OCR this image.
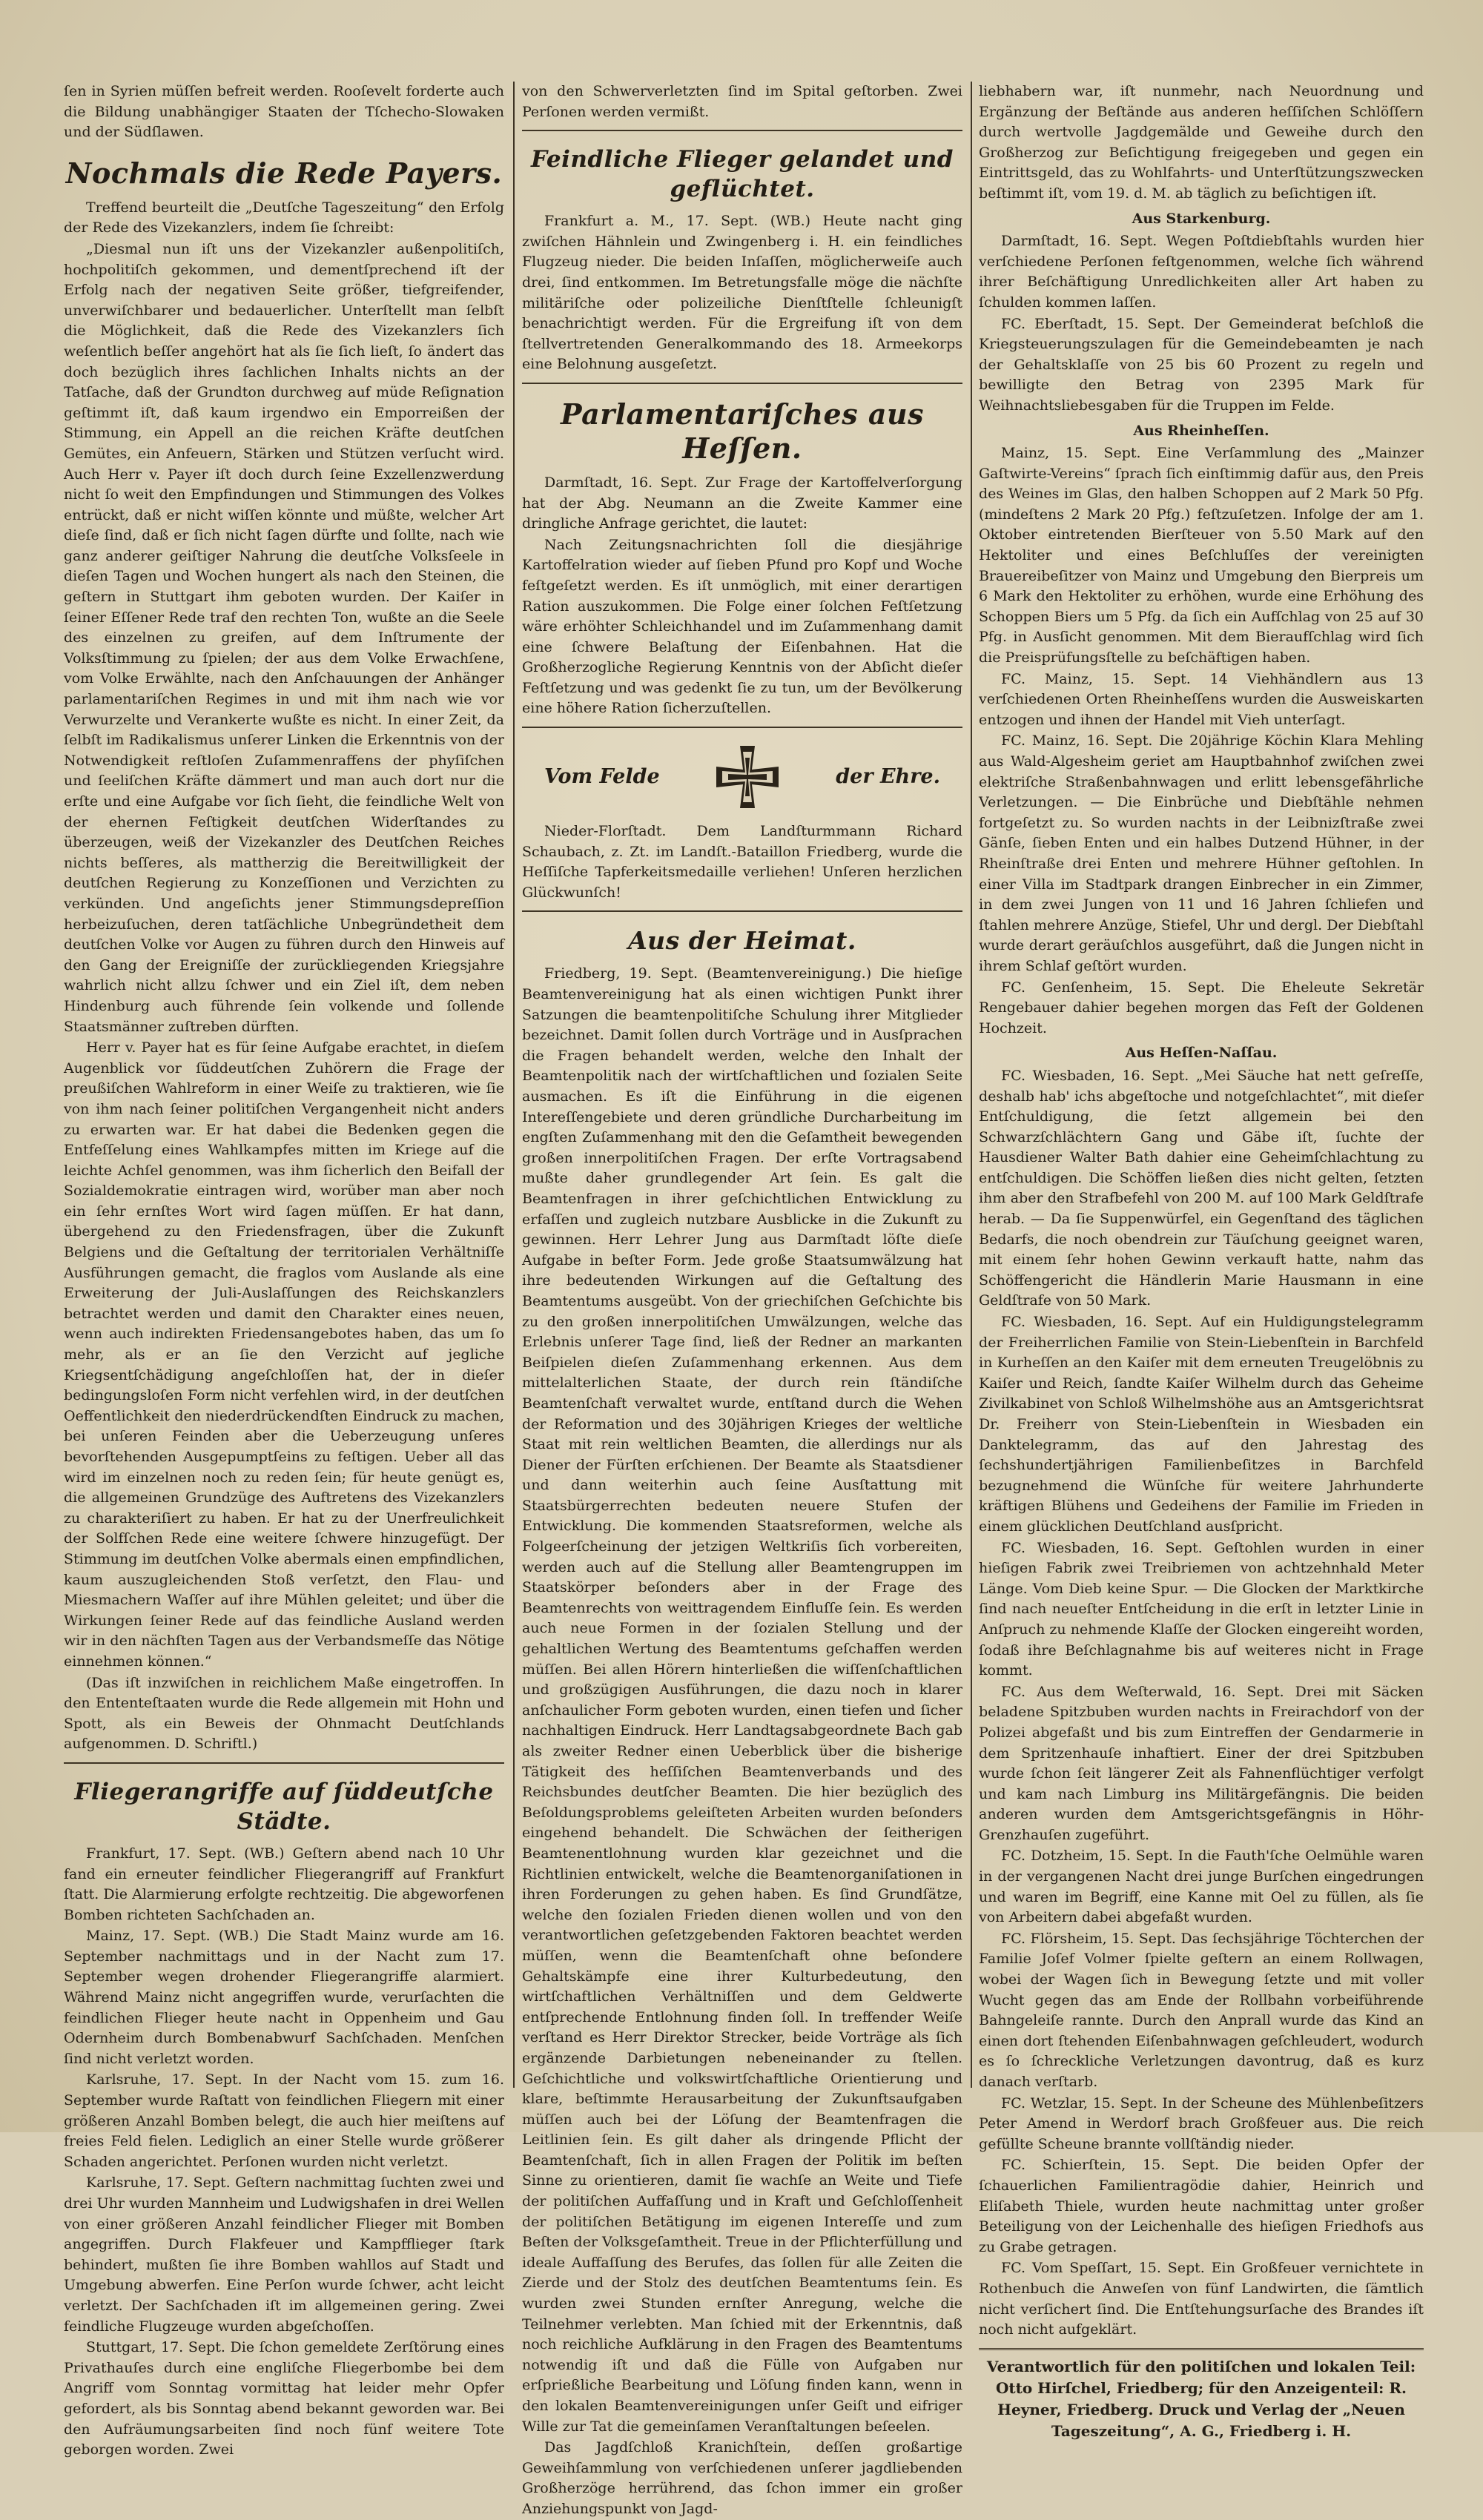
ſen in Syrien müſſen befreit werden. Rooſevelt forderte auch die Bildung unabhängiger Staaten der Tſchecho-Slowaken und der Südſlawen.

Nochmals die Rede Payers.

Treffend beurteilt die „Deutſche Tageszeitung“ den Erfolg der Rede des Vizekanzlers, indem ſie ſchreibt:

„Diesmal nun iſt uns der Vizekanzler außenpolitiſch, hochpolitiſch gekommen, und dementſprechend iſt der Erfolg nach der negativen Seite größer, tiefgreifender, unverwiſchbarer und bedauerlicher. Unterſtellt man ſelbſt die Möglichkeit, daß die Rede des Vizekanzlers ſich weſentlich beſſer angehört hat als ſie ſich lieſt, ſo ändert das doch bezüglich ihres ſachlichen Inhalts nichts an der Tatſache, daß der Grundton durchweg auf müde Reſignation geſtimmt iſt, daß kaum irgendwo ein Emporreißen der Stimmung, ein Appell an die reichen Kräfte deutſchen Gemütes, ein Anfeuern, Stärken und Stützen verſucht wird. Auch Herr v. Payer iſt doch durch ſeine Exzellenzwerdung nicht ſo weit den Empfindungen und Stimmungen des Volkes entrückt, daß er nicht wiſſen könnte und müßte, welcher Art dieſe ſind, daß er ſich nicht ſagen dürfte und ſollte, nach wie ganz anderer geiſtiger Nahrung die deutſche Volksſeele in dieſen Tagen und Wochen hungert als nach den Steinen, die geſtern in Stuttgart ihm geboten wurden. Der Kaiſer in ſeiner Eſſener Rede traf den rechten Ton, wußte an die Seele des einzelnen zu greifen, auf dem Inſtrumente der Volksſtimmung zu ſpielen; der aus dem Volke Erwachſene, vom Volke Erwählte, nach den Anſchauungen der Anhänger parlamentariſchen Regimes in und mit ihm nach wie vor Verwurzelte und Verankerte wußte es nicht. In einer Zeit, da ſelbſt im Radikalismus unſerer Linken die Erkenntnis von der Notwendigkeit reſtloſen Zuſammenraffens der phyſiſchen und ſeeliſchen Kräfte dämmert und man auch dort nur die erſte und eine Aufgabe vor ſich ſieht, die feindliche Welt von der ehernen Feſtigkeit deutſchen Widerſtandes zu überzeugen, weiß der Vizekanzler des Deutſchen Reiches nichts beſſeres, als mattherzig die Bereitwilligkeit der deutſchen Regierung zu Konzeſſionen und Verzichten zu verkünden. Und angeſichts jener Stimmungsdepreſſion herbeizuſuchen, deren tatſächliche Unbegründetheit dem deutſchen Volke vor Augen zu führen durch den Hinweis auf den Gang der Ereigniſſe der zurückliegenden Kriegsjahre wahrlich nicht allzu ſchwer und ein Ziel iſt, dem neben Hindenburg auch führende ſein volkende und ſollende Staatsmänner zuſtreben dürften.

Herr v. Payer hat es für ſeine Aufgabe erachtet, in dieſem Augenblick vor ſüddeutſchen Zuhörern die Frage der preußiſchen Wahlreform in einer Weiſe zu traktieren, wie ſie von ihm nach ſeiner politiſchen Vergangenheit nicht anders zu erwarten war. Er hat dabei die Bedenken gegen die Entfeſſelung eines Wahlkampfes mitten im Kriege auf die leichte Achſel genommen, was ihm ſicherlich den Beifall der Sozialdemokratie eintragen wird, worüber man aber noch ein ſehr ernſtes Wort wird ſagen müſſen. Er hat dann, übergehend zu den Friedensfragen, über die Zukunft Belgiens und die Geſtaltung der territorialen Verhältniſſe Ausführungen gemacht, die fraglos vom Auslande als eine Erweiterung der Juli-Auslaſſungen des Reichskanzlers betrachtet werden und damit den Charakter eines neuen, wenn auch indirekten Friedensangebotes haben, das um ſo mehr, als er an ſie den Verzicht auf jegliche Kriegsentſchädigung angeſchloſſen hat, der in dieſer bedingungsloſen Form nicht verfehlen wird, in der deutſchen Oeffentlichkeit den niederdrückendſten Eindruck zu machen, bei unſeren Feinden aber die Ueberzeugung unſeres bevorſtehenden Ausgepumptſeins zu feſtigen. Ueber all das wird im einzelnen noch zu reden ſein; für heute genügt es, die allgemeinen Grundzüge des Auftretens des Vizekanzlers zu charakteriſiert zu haben. Er hat zu der Unerfreulichkeit der Solfſchen Rede eine weitere ſchwere hinzugefügt. Der Stimmung im deutſchen Volke abermals einen empfindlichen, kaum auszugleichenden Stoß verſetzt, den Flau- und Miesmachern Waſſer auf ihre Mühlen geleitet; und über die Wirkungen ſeiner Rede auf das feindliche Ausland werden wir in den nächſten Tagen aus der Verbandsmeſſe das Nötige einnehmen können.“

(Das iſt inzwiſchen in reichlichem Maße eingetroffen. In den Ententeſtaaten wurde die Rede allgemein mit Hohn und Spott, als ein Beweis der Ohnmacht Deutſchlands aufgenommen. D. Schriftl.)

Fliegerangriffe auf ſüddeutſche Städte.

Frankfurt, 17. Sept. (WB.) Geſtern abend nach 10 Uhr fand ein erneuter feindlicher Fliegerangriff auf Frankfurt ſtatt. Die Alarmierung erfolgte rechtzeitig. Die abgeworfenen Bomben richteten Sachſchaden an.

Mainz, 17. Sept. (WB.) Die Stadt Mainz wurde am 16. September nachmittags und in der Nacht zum 17. September wegen drohender Fliegerangriffe alarmiert. Während Mainz nicht angegriffen wurde, verurſachten die feindlichen Flieger heute nacht in Oppenheim und Gau Odernheim durch Bombenabwurf Sachſchaden. Menſchen ſind nicht verletzt worden.

Karlsruhe, 17. Sept. In der Nacht vom 15. zum 16. September wurde Raſtatt von feindlichen Fliegern mit einer größeren Anzahl Bomben belegt, die auch hier meiſtens auf freies Feld fielen. Lediglich an einer Stelle wurde größerer Schaden angerichtet. Perſonen wurden nicht verletzt.

Karlsruhe, 17. Sept. Geſtern nachmittag ſuchten zwei und drei Uhr wurden Mannheim und Ludwigshafen in drei Wellen von einer größeren Anzahl feindlicher Flieger mit Bomben angegriffen. Durch Flakfeuer und Kampfflieger ſtark behindert, mußten ſie ihre Bomben wahllos auf Stadt und Umgebung abwerfen. Eine Perſon wurde ſchwer, acht leicht verletzt. Der Sachſchaden iſt im allgemeinen gering. Zwei feindliche Flugzeuge wurden abgeſchoſſen.

Stuttgart, 17. Sept. Die ſchon gemeldete Zerſtörung eines Privathauſes durch eine engliſche Fliegerbombe bei dem Angriff vom Sonntag vormittag hat leider mehr Opfer gefordert, als bis Sonntag abend bekannt geworden war. Bei den Aufräumungsarbeiten ſind noch fünf weitere Tote geborgen worden. Zwei

von den Schwerverletzten ſind im Spital geſtorben. Zwei Perſonen werden vermißt.

Feindliche Flieger gelandet und geflüchtet.

Frankfurt a. M., 17. Sept. (WB.) Heute nacht ging zwiſchen Hähnlein und Zwingenberg i. H. ein feindliches Flugzeug nieder. Die beiden Inſaſſen, möglicherweiſe auch drei, ſind entkommen. Im Betretungsfalle möge die nächſte militäriſche oder polizeiliche Dienſtſtelle ſchleunigſt benachrichtigt werden. Für die Ergreifung iſt von dem ſtellvertretenden Generalkommando des 18. Armeekorps eine Belohnung ausgeſetzt.

Parlamentariſches aus Heſſen.

Darmſtadt, 16. Sept. Zur Frage der Kartoffelverſorgung hat der Abg. Neumann an die Zweite Kammer eine dringliche Anfrage gerichtet, die lautet:

Nach Zeitungsnachrichten ſoll die diesjährige Kartoffelration wieder auf ſieben Pfund pro Kopf und Woche feſtgeſetzt werden. Es iſt unmöglich, mit einer derartigen Ration auszukommen. Die Folge einer ſolchen Feſtſetzung wäre erhöhter Schleichhandel und im Zuſammenhang damit eine ſchwere Belaſtung der Eiſenbahnen. Hat die Großherzogliche Regierung Kenntnis von der Abſicht dieſer Feſtſetzung und was gedenkt ſie zu tun, um der Bevölkerung eine höhere Ration ſicherzuſtellen.

Vom Felde	der Ehre.

Nieder-Florſtadt. Dem Landſturmmann Richard Schaubach, z. Zt. im Landſt.-Bataillon Friedberg, wurde die Heſſiſche Tapferkeitsmedaille verliehen! Unſeren herzlichen Glückwunſch!

Aus der Heimat.

Friedberg, 19. Sept. (Beamtenvereinigung.) Die hieſige Beamtenvereinigung hat als einen wichtigen Punkt ihrer Satzungen die beamtenpolitiſche Schulung ihrer Mitglieder bezeichnet. Damit ſollen durch Vorträge und in Ausſprachen die Fragen behandelt werden, welche den Inhalt der Beamtenpolitik nach der wirtſchaftlichen und ſozialen Seite ausmachen. Es iſt die Einführung in die eigenen Intereſſengebiete und deren gründliche Durcharbeitung im engſten Zuſammenhang mit den die Geſamtheit bewegenden großen innerpolitiſchen Fragen. Der erſte Vortragsabend mußte daher grundlegender Art ſein. Es galt die Beamtenfragen in ihrer geſchichtlichen Entwicklung zu erfaſſen und zugleich nutzbare Ausblicke in die Zukunft zu gewinnen. Herr Lehrer Jung aus Darmſtadt löſte dieſe Aufgabe in beſter Form. Jede große Staatsumwälzung hat ihre bedeutenden Wirkungen auf die Geſtaltung des Beamtentums ausgeübt. Von der griechiſchen Geſchichte bis zu den großen innerpolitiſchen Umwälzungen, welche das Erlebnis unſerer Tage ſind, ließ der Redner an markanten Beiſpielen dieſen Zuſammenhang erkennen. Aus dem mittelalterlichen Staate, der durch rein ſtändiſche Beamtenſchaft verwaltet wurde, entſtand durch die Wehen der Reformation und des 30jährigen Krieges der weltliche Staat mit rein weltlichen Beamten, die allerdings nur als Diener der Fürſten erſchienen. Der Beamte als Staatsdiener und dann weiterhin auch ſeine Ausſtattung mit Staatsbürgerrechten bedeuten neuere Stufen der Entwicklung. Die kommenden Staatsreformen, welche als Folgeerſcheinung der jetzigen Weltkriſis ſich vorbereiten, werden auch auf die Stellung aller Beamtengruppen im Staatskörper beſonders aber in der Frage des Beamtenrechts von weittragendem Einfluſſe ſein. Es werden auch neue Formen in der ſozialen Stellung und der gehaltlichen Wertung des Beamtentums geſchaffen werden müſſen. Bei allen Hörern hinterließen die wiſſenſchaftlichen und großzügigen Ausführungen, die dazu noch in klarer anſchaulicher Form geboten wurden, einen tiefen und ſicher nachhaltigen Eindruck. Herr Landtagsabgeordnete Bach gab als zweiter Redner einen Ueberblick über die bisherige Tätigkeit des heſſiſchen Beamtenverbands und des Reichsbundes deutſcher Beamten. Die hier bezüglich des Beſoldungsproblems geleiſteten Arbeiten wurden beſonders eingehend behandelt. Die Schwächen der ſeitherigen Beamtenentlohnung wurden klar gezeichnet und die Richtlinien entwickelt, welche die Beamtenorganiſationen in ihren Forderungen zu gehen haben. Es ſind Grundſätze, welche den ſozialen Frieden dienen wollen und von den verantwortlichen geſetzgebenden Faktoren beachtet werden müſſen, wenn die Beamtenſchaft ohne beſondere Gehaltskämpfe eine ihrer Kulturbedeutung, den wirtſchaftlichen Verhältniſſen und dem Geldwerte entſprechende Entlohnung finden ſoll. In treffender Weiſe verſtand es Herr Direktor Strecker, beide Vorträge als ſich ergänzende Darbietungen nebeneinander zu ſtellen. Geſchichtliche und volkswirtſchaftliche Orientierung und klare, beſtimmte Herausarbeitung der Zukunftsaufgaben müſſen auch bei der Löſung der Beamtenfragen die Leitlinien ſein. Es gilt daher als dringende Pflicht der Beamtenſchaft, ſich in allen Fragen der Politik im beſten Sinne zu orientieren, damit ſie wachſe an Weite und Tiefe der politiſchen Auffaſſung und in Kraft und Geſchloſſenheit der politiſchen Betätigung im eigenen Intereſſe und zum Beſten der Volksgeſamtheit. Treue in der Pflichterfüllung und ideale Auffaſſung des Berufes, das ſollen für alle Zeiten die Zierde und der Stolz des deutſchen Beamtentums ſein. Es wurden zwei Stunden ernſter Anregung, welche die Teilnehmer verlebten. Man ſchied mit der Erkenntnis, daß noch reichliche Aufklärung in den Fragen des Beamtentums notwendig iſt und daß die Fülle von Aufgaben nur erſprießliche Bearbeitung und Löſung finden kann, wenn in den lokalen Beamtenvereinigungen unſer Geiſt und eifriger Wille zur Tat die gemeinſamen Veranſtaltungen beſeelen.

Das Jagdſchloß Kranichſtein, deſſen großartige Geweihſammlung von verſchiedenen unſerer jagdliebenden Großherzöge herrührend, das ſchon immer ein großer Anziehungspunkt von Jagd-

liebhabern war, iſt nunmehr, nach Neuordnung und Ergänzung der Beſtände aus anderen heſſiſchen Schlöſſern durch wertvolle Jagdgemälde und Geweihe durch den Großherzog zur Beſichtigung freigegeben und gegen ein Eintrittsgeld, das zu Wohlfahrts- und Unterſtützungszwecken beſtimmt iſt, vom 19. d. M. ab täglich zu beſichtigen iſt.

Aus Starkenburg.

Darmſtadt, 16. Sept. Wegen Poſtdiebſtahls wurden hier verſchiedene Perſonen feſtgenommen, welche ſich während ihrer Beſchäftigung Unredlichkeiten aller Art haben zu ſchulden kommen laſſen.

FC. Eberſtadt, 15. Sept. Der Gemeinderat beſchloß die Kriegsteuerungszulagen für die Gemeindebeamten je nach der Gehaltsklaſſe von 25 bis 60 Prozent zu regeln und bewilligte den Betrag von 2395 Mark für Weihnachtsliebesgaben für die Truppen im Felde.

Aus Rheinheſſen.

Mainz, 15. Sept. Eine Verſammlung des „Mainzer Gaſtwirte-Vereins“ ſprach ſich einſtimmig dafür aus, den Preis des Weines im Glas, den halben Schoppen auf 2 Mark 50 Pfg. (mindeſtens 2 Mark 20 Pfg.) feſtzuſetzen. Infolge der am 1. Oktober eintretenden Bierſteuer von 5.50 Mark auf den Hektoliter und eines Beſchluſſes der vereinigten Brauereibeſitzer von Mainz und Umgebung den Bierpreis um 6 Mark den Hektoliter zu erhöhen, wurde eine Erhöhung des Schoppen Biers um 5 Pfg. da ſich ein Aufſchlag von 25 auf 30 Pfg. in Ausſicht genommen. Mit dem Bieraufſchlag wird ſich die Preisprüfungsſtelle zu beſchäftigen haben.

FC. Mainz, 15. Sept. 14 Viehhändlern aus 13 verſchiedenen Orten Rheinheſſens wurden die Ausweiskarten entzogen und ihnen der Handel mit Vieh unterſagt.

FC. Mainz, 16. Sept. Die 20jährige Köchin Klara Mehling aus Wald-Algesheim geriet am Hauptbahnhof zwiſchen zwei elektriſche Straßenbahnwagen und erlitt lebensgefährliche Verletzungen. — Die Einbrüche und Diebſtähle nehmen fortgeſetzt zu. So wurden nachts in der Leibnizſtraße zwei Gänſe, ſieben Enten und ein halbes Dutzend Hühner, in der Rheinſtraße drei Enten und mehrere Hühner geſtohlen. In einer Villa im Stadtpark drangen Einbrecher in ein Zimmer, in dem zwei Jungen von 11 und 16 Jahren ſchliefen und ſtahlen mehrere Anzüge, Stiefel, Uhr und dergl. Der Diebſtahl wurde derart geräuſchlos ausgeführt, daß die Jungen nicht in ihrem Schlaf geſtört wurden.

FC. Genſenheim, 15. Sept. Die Eheleute Sekretär Rengebauer dahier begehen morgen das Feſt der Goldenen Hochzeit.

Aus Heſſen-Naſſau.

FC. Wiesbaden, 16. Sept. „Mei Säuche hat nett geſreſſe, deshalb hab' ichs abgeſtoche und notgeſchlachtet“, mit dieſer Entſchuldigung, die ſetzt allgemein bei den Schwarzſchlächtern Gang und Gäbe iſt, ſuchte der Hausdiener Walter Bath dahier eine Geheimſchlachtung zu entſchuldigen. Die Schöffen ließen dies nicht gelten, ſetzten ihm aber den Strafbefehl von 200 M. auf 100 Mark Geldſtrafe herab. — Da ſie Suppenwürfel, ein Gegenſtand des täglichen Bedarfs, die noch obendrein zur Täuſchung geeignet waren, mit einem ſehr hohen Gewinn verkauft hatte, nahm das Schöffengericht die Händlerin Marie Hausmann in eine Geldſtrafe von 50 Mark.

FC. Wiesbaden, 16. Sept. Auf ein Huldigungstelegramm der Freiherrlichen Familie von Stein-Liebenſtein in Barchfeld in Kurheſſen an den Kaiſer mit dem erneuten Treugelöbnis zu Kaiſer und Reich, ſandte Kaiſer Wilhelm durch das Geheime Zivilkabinet von Schloß Wilhelmshöhe aus an Amtsgerichtsrat Dr. Freiherr von Stein-Liebenſtein in Wiesbaden ein Danktelegramm, das auf den Jahrestag des ſechshundertjährigen Familienbeſitzes in Barchfeld bezugnehmend die Wünſche für weitere Jahrhunderte kräftigen Blühens und Gedeihens der Familie im Frieden in einem glücklichen Deutſchland ausſpricht.

FC. Wiesbaden, 16. Sept. Geſtohlen wurden in einer hieſigen Fabrik zwei Treibriemen von achtzehnhald Meter Länge. Vom Dieb keine Spur. — Die Glocken der Marktkirche ſind nach neueſter Entſcheidung in die erſt in letzter Linie in Anſpruch zu nehmende Klaſſe der Glocken eingereiht worden, ſodaß ihre Beſchlagnahme bis auf weiteres nicht in Frage kommt.

FC. Aus dem Weſterwald, 16. Sept. Drei mit Säcken beladene Spitzbuben wurden nachts in Freirachdorf von der Polizei abgefaßt und bis zum Eintreffen der Gendarmerie in dem Spritzenhauſe inhaftiert. Einer der drei Spitzbuben wurde ſchon ſeit längerer Zeit als Fahnenflüchtiger verfolgt und kam nach Limburg ins Militärgefängnis. Die beiden anderen wurden dem Amtsgerichtsgefängnis in Höhr-Grenzhauſen zugeführt.

FC. Dotzheim, 15. Sept. In die Fauth'ſche Oelmühle waren in der vergangenen Nacht drei junge Burſchen eingedrungen und waren im Begriff, eine Kanne mit Oel zu füllen, als ſie von Arbeitern dabei abgefaßt wurden.

FC. Flörsheim, 15. Sept. Das ſechsjährige Töchterchen der Familie Joſef Volmer ſpielte geſtern an einem Rollwagen, wobei der Wagen ſich in Bewegung ſetzte und mit voller Wucht gegen das am Ende der Rollbahn vorbeiführende Bahngeleiſe rannte. Durch den Anprall wurde das Kind an einen dort ſtehenden Eiſenbahnwagen geſchleudert, wodurch es ſo ſchreckliche Verletzungen davontrug, daß es kurz danach verſtarb.

FC. Wetzlar, 15. Sept. In der Scheune des Mühlenbeſitzers Peter Amend in Werdorf brach Großfeuer aus. Die reich gefüllte Scheune brannte vollſtändig nieder.

FC. Schierſtein, 15. Sept. Die beiden Opfer der ſchauerlichen Familientragödie dahier, Heinrich und Eliſabeth Thiele, wurden heute nachmittag unter großer Beteiligung von der Leichenhalle des hieſigen Friedhofs aus zu Grabe getragen.

FC. Vom Speſſart, 15. Sept. Ein Großfeuer vernichtete in Rothenbuch die Anweſen von fünf Landwirten, die ſämtlich nicht verſichert ſind. Die Entſtehungsurſache des Brandes iſt noch nicht aufgeklärt.

Verantwortlich für den politiſchen und lokalen Teil: Otto Hirſchel, Friedberg; für den Anzeigenteil: R. Heyner, Friedberg. Druck und Verlag der „Neuen Tageszeitung“, A. G., Friedberg i. H.
